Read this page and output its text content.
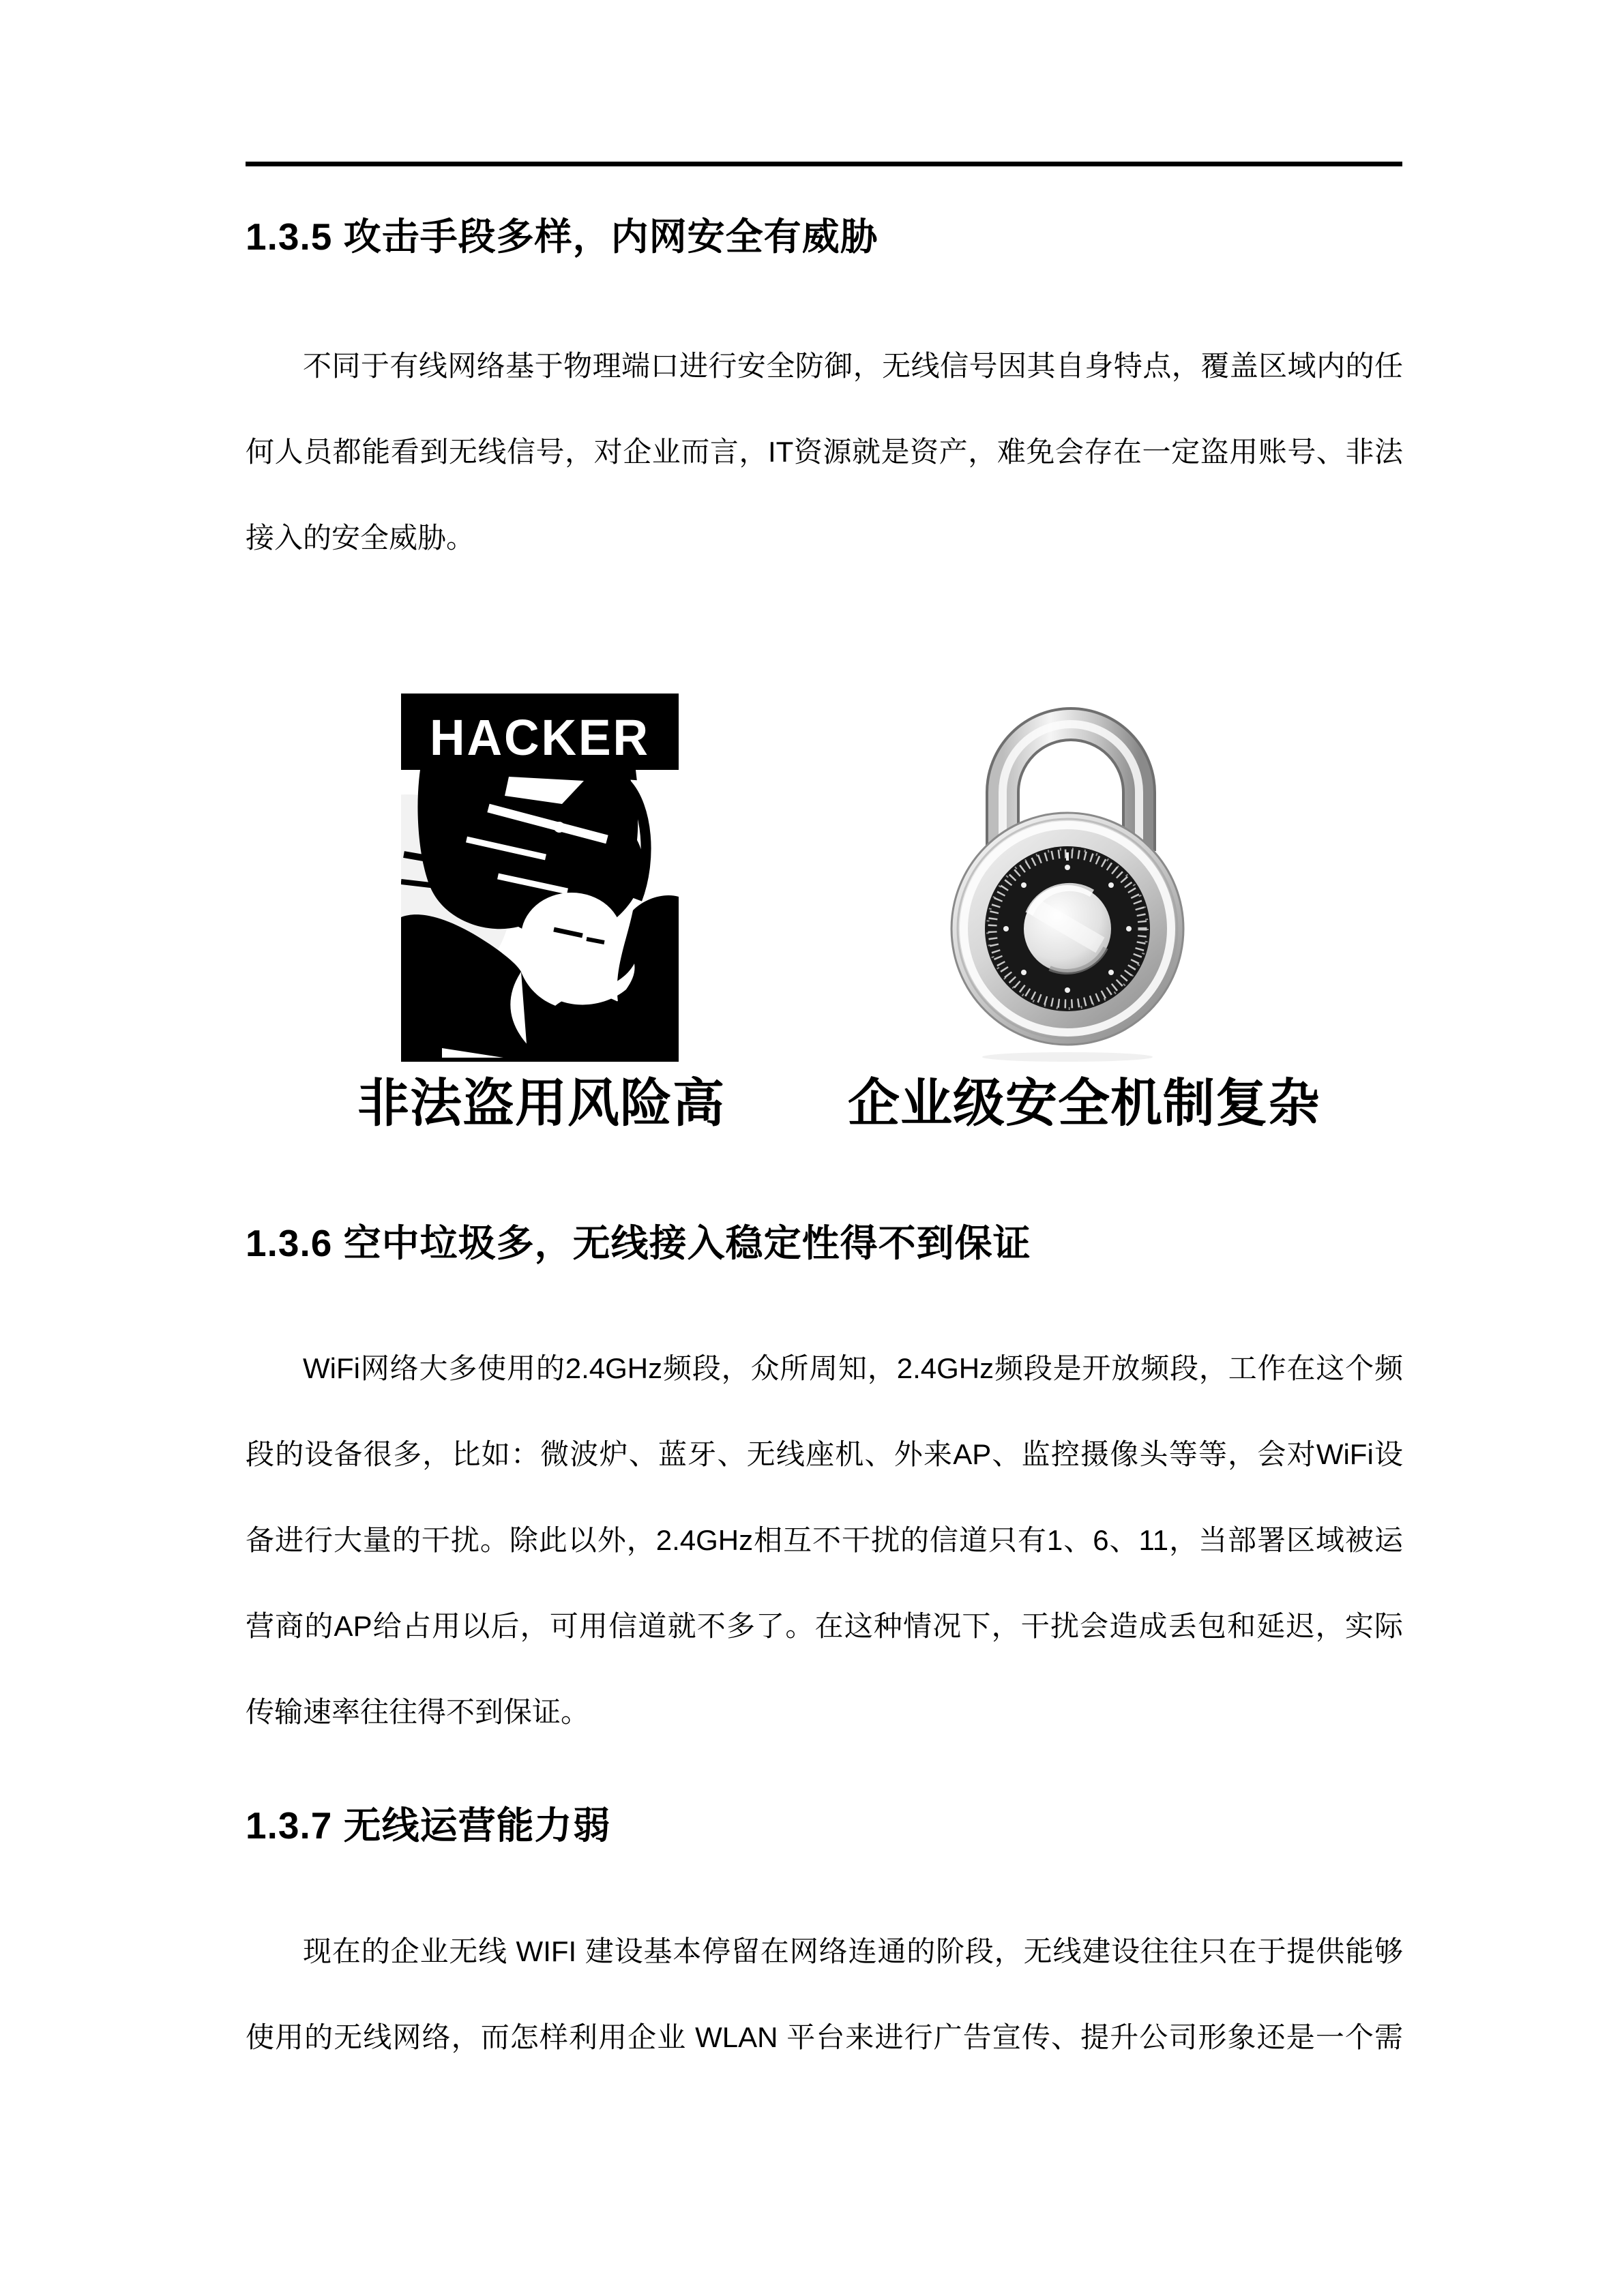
1.3.5 攻击手段多样，内网安全有威胁
不同于有线网络基于物理端口进行安全防御，无线信号因其自身特点，覆盖区域内的任
何人员都能看到无线信号，对企业而言，IT资源就是资产，难免会存在一定盗用账号、非法
接入的安全威胁。
HACKER
非法盗用风险高 企业级安全机制复杂
1.3.6 空中垃圾多，无线接入稳定性得不到保证
WiFi网络大多使用的2.4GHz频段，众所周知，2.4GHz频段是开放频段，工作在这个频
段的设备很多，比如：微波炉、蓝牙、无线座机、外来AP、监控摄像头等等，会对WiFi设
备进行大量的干扰。除此以外，2.4GHz相互不干扰的信道只有1、6、11，当部署区域被运
营商的AP给占用以后，可用信道就不多了。在这种情况下，干扰会造成丢包和延迟，实际
传输速率往往得不到保证。
1.3.7 无线运营能力弱
现在的企业无线 WIFI 建设基本停留在网络连通的阶段，无线建设往往只在于提供能够
使用的无线网络，而怎样利用企业 WLAN 平台来进行广告宣传、提升公司形象还是一个需
